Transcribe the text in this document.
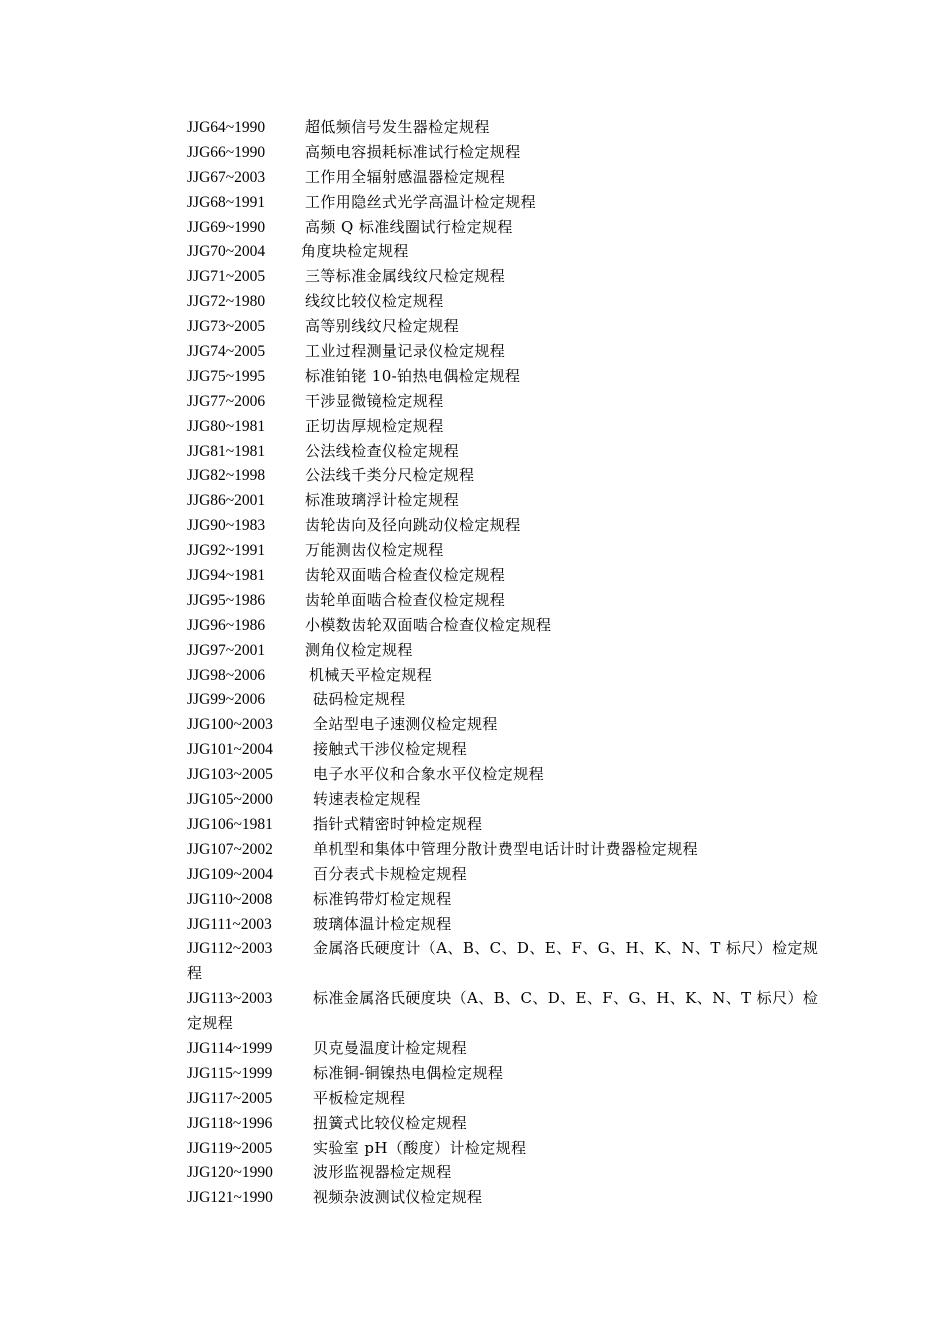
JJG64~1990	超低频信号发生器检定规程
JJG66~1990	高频电容损耗标准试行检定规程
JJG67~2003	工作用全辐射感温器检定规程
JJG68~1991	工作用隐丝式光学高温计检定规程
JJG69~1990	高频 Q 标准线圈试行检定规程
JJG70~2004 角度块检定规程
JJG71~2005	三等标准金属线纹尺检定规程
JJG72~1980	线纹比较仪检定规程
JJG73~2005	高等别线纹尺检定规程
JJG74~2005	工业过程测量记录仪检定规程
JJG75~1995	标准铂铑 10-铂热电偶检定规程
JJG77~2006	干涉显微镜检定规程
JJG80~1981	正切齿厚规检定规程
JJG81~1981	公法线检查仪检定规程
JJG82~1998	公法线千类分尺检定规程
JJG86~2001	标准玻璃浮计检定规程
JJG90~1983	齿轮齿向及径向跳动仪检定规程
JJG92~1991	万能测齿仪检定规程
JJG94~1981	齿轮双面啮合检查仪检定规程
JJG95~1986	齿轮单面啮合检查仪检定规程
JJG96~1986	小模数齿轮双面啮合检查仪检定规程
JJG97~2001	测角仪检定规程
JJG98~2006	机械天平检定规程
JJG99~2006	砝码检定规程
JJG100~2003	全站型电子速测仪检定规程
JJG101~2004	接触式干涉仪检定规程
JJG103~2005	电子水平仪和合象水平仪检定规程
JJG105~2000	转速表检定规程
JJG106~1981	指针式精密时钟检定规程
JJG107~2002	单机型和集体中管理分散计费型电话计时计费器检定规程
JJG109~2004	百分表式卡规检定规程
JJG110~2008	标准钨带灯检定规程
JJG111~2003	玻璃体温计检定规程
JJG112~2003	金属洛氏硬度计（A、B、C、D、E、F、G、H、K、N、T 标尺）检定规
程
JJG113~2003	标准金属洛氏硬度块（A、B、C、D、E、F、G、H、K、N、T 标尺）检
定规程
JJG114~1999	贝克曼温度计检定规程
JJG115~1999	标准铜-铜镍热电偶检定规程
JJG117~2005	平板检定规程
JJG118~1996	扭簧式比较仪检定规程
JJG119~2005	实验室 pH（酸度）计检定规程
JJG120~1990	波形监视器检定规程
JJG121~1990	视频杂波测试仪检定规程
